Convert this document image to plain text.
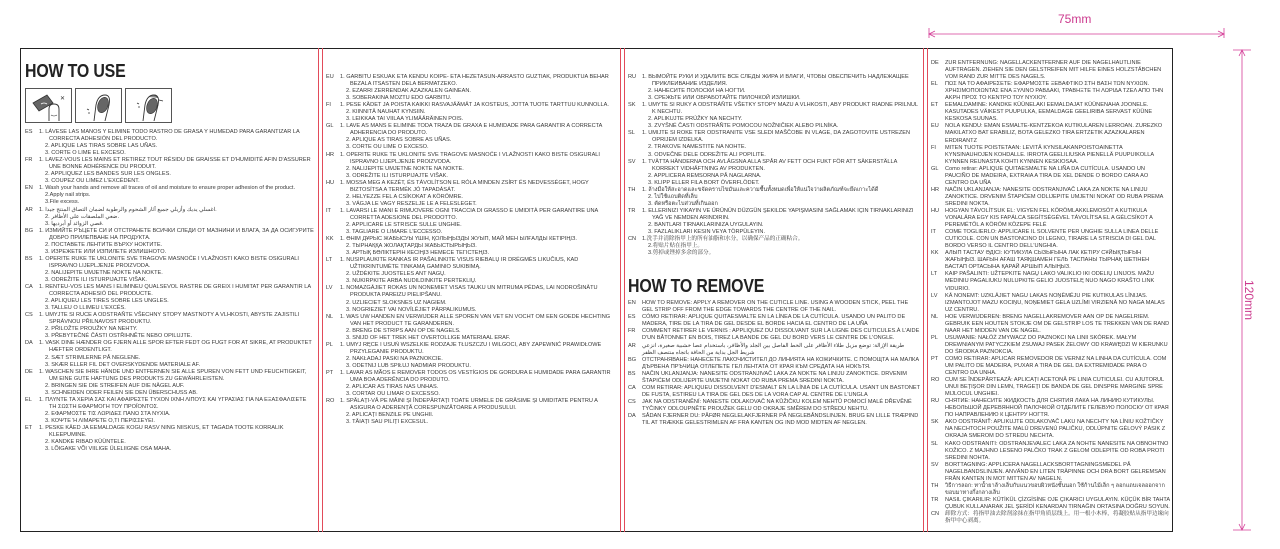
75mm
120mm
HOW TO USE
✕
ES	1. LÁVESE LAS MANOS Y ELIMINE TODO RASTRO DE GRASA Y HUMEDAD PARA GARANTIZAR LA CORRECTA ADHESIÓN DEL PRODUCTO.
2. APLIQUE LAS TIRAS SOBRE LAS UÑAS.
3. CORTE O LIME EL EXCESO.
FR	1. LAVEZ-VOUS LES MAINS ET RETIREZ TOUT RÉSIDU DE GRAISSE ET D'HUMIDITÉ AFIN D'ASSURER UNE BONNE ADHÉRENCE DU PRODUIT.
2. APPLIQUEZ LES BANDES SUR LES ONGLES.
3. COUPEZ OU LIMEZ L'EXCÉDENT.
EN	1. Wash your hands and remove all traces of oil and moisture to ensure proper adhesion of the product.
2.Apply nail strips.
3.File excess.
AR	1. اغسلي يديك وأزيلي جميع آثار الشحوم والرطوبة لضمان التصاق المنتج جيدا.
2. ضعي الملصقات على الأظافر.
3. قصي الزوائد أو أبرديها.
BG	1. ИЗМИЙТЕ РЪЦЕТЕ СИ И ОТСТРАНЕТЕ ВСИЧКИ СЛЕДИ ОТ МАЗНИНИ И ВЛАГА, ЗА ДА ОСИГУРИТЕ ДОБРО ПРИЛЕПВАНЕ НА ПРОДУКТА.
2. ПОСТАВЕТЕ ЛЕНТИТЕ ВЪРХУ НОКТИТЕ.
3. ИЗРЕЖЕТЕ ИЛИ ИЗПИЛЕТЕ ИЗЛИШНОТО.
BS	1. OPERITE RUKE TE UKLONITE SVE TRAGOVE MASNOĆE I VLAŽNOSTI KAKO BISTE OSIGURALI ISPRAVNO LIJEPLJENJE PROIZVODA.
2. NALIJEPITE UMJETNE NOKTE NA NOKTE.
3. ODREŽITE ILI ISTURPIJAJTE VIŠAK.
CA	1. RENTEU-VOS LES MANS I ELIMINEU QUALSEVOL RASTRE DE GREIX I HUMITAT PER GARANTIR LA CORRECTA ADHESIÓ DEL PRODUCTE.
2. APLIQUEU LES TIRES SOBRE LES UNGLES.
3. TALLEU O LLIMEU L'EXCÉS.
CS	1. UMYJTE SI RUCE A ODSTRAŇTE VŠECHNY STOPY MASTNOTY A VLHKOSTI, ABYSTE ZAJISTILI SPRÁVNOU PŘILNAVOST PRODUKTU.
2. PŘILOŽTE PROUŽKY NA NEHTY.
3. PŘEBYTEČNÉ ČÁSTI OSTŘIHNĚTE NEBO OPILUJTE.
DA	1. VASK DINE HÆNDER OG FJERN ALLE SPOR EFTER FEDT OG FUGT FOR AT SIKRE, AT PRODUKTET HÆFTER ORDENTLIGT.
2. SÆT STRIMLERNE PÅ NEGLENE.
3. SKÆR ELLER FIL DET OVERSKYDENDE MATERIALE AF.
DE	1. WASCHEN SIE IHRE HÄNDE UND ENTFERNEN SIE ALLE SPUREN VON FETT UND FEUCHTIGKEIT, UM EINE GUTE HAFTUNG DES PRODUKTS ZU GEWÄHRLEISTEN.
2. BRINGEN SIE DIE STREIFEN AUF DIE NÄGEL AUF.
3. SCHNEIDEN ODER FEILEN SIE DEN ÜBERSCHUSS AB.
EL	1. ΠΛΥΝΤΕ ΤΑ ΧΕΡΙΑ ΣΑΣ ΚΑΙ ΑΦΑΙΡΕΣΤΕ ΤΥΧΟΝ ΙΧΝΗ ΛΙΠΟΥΣ ΚΑΙ ΥΓΡΑΣΙΑΣ ΓΙΑ ΝΑ ΕΞΑΣΦΑΛΙΣΕΤΕ ΤΗ ΣΩΣΤΗ ΕΦΑΡΜΟΓΗ ΤΟΥ ΠΡΟΪΟΝΤΟΣ.
2. ΕΦΑΡΜΟΣΤΕ ΤΙΣ ΛΩΡΙΔΕΣ ΠΑΝΩ ΣΤΑ ΝΥΧΙΑ.
3. ΚΟΨΤΕ Ή ΛΙΜΑΡΕΤΕ Ο,ΤΙ ΠΕΡΙΣΣΕΥΕΙ.
ET	1. PESKE KÄED JA EEMALDAGE KOGU RASV NING NIISKUS, ET TAGADA TOOTE KORRALIK KLEEPUMINE.
2. KANDKE RIBAD KÜÜNTELE.
3. LÕIGAKE VÕI VIILIGE ÜLELIIGNE OSA MAHA.
EU	1. GARBITU ESKUAK ETA KENDU KOIPE- ETA HEZETASUN-ARRASTO GUZTIAK, PRODUKTUA BEHAR BEZALA ITSASTEN DELA BERMATZEKO.
2. EZARRI ZERRENDAK AZAZKALEN GAINEAN.
3. SOBERAKINA MOZTU EDO GARBITU.
FI	1. PESE KÄDET JA POISTA KAIKKI RASVAJÄÄMÄT JA KOSTEUS, JOTTA TUOTE TARTTUU KUNNOLLA.
2. KIINNITÄ NAUHAT KYNSIIN.
3. LEIKKAA TAI VIILAA YLIMÄÄRÄINEN POIS.
GL	1. LAVE AS MANS E ELIMINE TODA TRAZA DE GRAXA E HUMIDADE PARA GARANTIR A CORRECTA ADHERENCIA DO PRODUTO.
2. APLIQUE AS TIRAS SOBRE AS UÑAS.
3. CORTE OU LIME O EXCESO.
HR	1. OPERITE RUKE TE UKLONITE SVE TRAGOVE MASNOĆE I VLAŽNOSTI KAKO BISTE OSIGURALI ISPRAVNO LIJEPLJENJE PROIZVODA.
2. NALIJEPITE UMJETNE NOKTE NA NOKTE.
3. ODREŽITE ILI ISTURPIJAJTE VIŠAK.
HU	1. MOSSA MEG A KEZÉT, ÉS TÁVOLÍTSON EL RÓLA MINDEN ZSÍRT ÉS NEDVESSÉGET, HOGY BIZTOSÍTSA A TERMÉK JÓ TAPADÁSÁT.
2. HELYEZZE FEL A CSÍKOKAT A KÖRÖMRE.
3. VÁGJA LE VAGY RESZELJE LE A FELESLEGET.
IT	1. LAVARSI LE MANI E RIMUOVERE OGNI TRACCIA DI GRASSO E UMIDITÀ PER GARANTIRE UNA CORRETTA ADESIONE DEL PRODOTTO.
2. APPLICARE LE STRISCE SULLE UNGHIE.
3. TAGLIARE O LIMARE L'ECCESSO.
KK	1. ӨНІМ ДҰРЫС ЖАБЫСУЫ ҮШІН, ҚОЛЫҢЫЗДЫ ЖУЫП, МАЙ МЕН ЫЛҒАЛДЫ КЕТІРІҢІЗ.
2. ТЫРНАҚҚА ЖОЛАҚТАРДЫ ЖАБЫСТЫРЫҢЫЗ.
3. АРТЫҚ БӨЛІКТЕРІН КЕСІҢІЗ НЕМЕСЕ ТЕГІСТЕҢІЗ.
LT	1. NUSIPLAUKITE RANKAS IR PAŠALINKITE VISUS RIEBALŲ IR DRĖGMĖS LIKUČIUS, KAD UŽTIKRINTUMĖTE TINKAMĄ GAMINIO SUKIBIMĄ.
2. UŽDĖKITE JUOSTELES ANT NAGŲ.
3. NUKIRPKITE ARBA NUDILDINKITE PERTEKLIŲ.
LV	1. NOMAZGĀJIET ROKAS UN NONEMIET VISAS TAUKU UN MITRUMA PĒDAS, LAI NODROŠINĀTU PRODUKTA PAREIZU PIELIPŠANU.
2. UZLIECIET SLOKSNES UZ NAGIEM.
3. NOGRIEZIET VAI NOVĪLĒJIET PĀRPALIKUMUS.
NL	1. WAS UW HANDEN EN VERWIJDER ALLE SPOREN VAN VET EN VOCHT OM EEN GOEDE HECHTING VAN HET PRODUCT TE GARANDEREN.
2. BRENG DE STRIPS AAN OP DE NAGELS.
3. SNIJD OF HET TREK HET OVERTOLLIGE MATERIAAL ERAF.
PL	1. UMYJ RĘCE I USUŃ WSZELKIE RODZAJE TŁUSZCZU I WILGOCI, ABY ZAPEWNIĆ PRAWIDŁOWE PRZYLEGANIE PRODUKTU.
2. NAKŁADAJ PASKI NA PAZNOKCIE.
3. ODETNIJ LUB SPIŁUJ NADMIAR PRODUKTU.
PT	1. LAVAR AS MÃOS E REMOVER TODOS OS VESTÍGIOS DE GORDURA E HUMIDADE PARA GARANTIR UMA BOA ADERÊNCIA DO PRODUTO.
2. APLICAR AS TIRAS NAS UNHAS.
3. CORTAR OU LIMAR O EXCESSO.
RO	1. SPĂLAȚI-VĂ PE MÂINI ȘI ÎNDEPĂRTAȚI TOATE URMELE DE GRĂSIME ȘI UMIDITATE PENTRU A ASIGURA O ADERENȚĂ CORESPUNZĂTOARE A PRODUSULUI.
2. APLICAȚI BENZILE PE UNGHII.
3. TĂIAȚI SAU PILIȚI EXCESUL.
RU	1. ВЫМОЙТЕ РУКИ И УДАЛИТЕ ВСЕ СЛЕДЫ ЖИРА И ВЛАГИ, ЧТОБЫ ОБЕСПЕЧИТЬ НАДЛЕЖАЩЕЕ ПРИКЛЕИВАНИЕ ИЗДЕЛИЯ.
2. НАНЕСИТЕ ПОЛОСКИ НА НОГТИ.
3. СРЕЖЬТЕ ИЛИ ОБРАБОТАЙТЕ ПИЛОЧКОЙ ИЗЛИШКИ.
SK	1. UMYTE SI RUKY A ODSTRÁŇTE VŠETKY STOPY MAZU A VLHKOSTI, ABY PRODUKT RIADNE PRILNUL K NECHTU.
2. APLIKUJTE PRÚŽKY NA NECHTY.
3. ZVYŠNÉ ČASTI ODSTRÁŇTE POMOCOU NOŽNIČIEK ALEBO PILNÍKA.
SL	1. UMIJTE SI ROKE TER ODSTRANITE VSE SLEDI MAŠČOBE IN VLAGE, DA ZAGOTOVITE USTREZEN OPRIJEM IZDELKA.
2. TRAKOVE NAMESTITE NA NOHTE.
3. ODVEČNE DELE ODREŽITE ALI POPILITE.
SV	1. TVÄTTA HÄNDERNA OCH AVLÄGSNA ALLA SPÅR AV FETT OCH FUKT FÖR ATT SÄKERSTÄLLA KORREKT VIDHÄFTNING AV PRODUKTEN.
2. APPLICERA REMSORNA PÅ NAGLARNA.
3. KLIPP ELLER FILA BORT ÖVERFLÖDET.
TH	1. ล้างมือให้สะอาดและขจัดคราบไขมันและความชื้นทั้งหมดเพื่อให้แน่ใจว่าผลิตภัณฑ์จะยึดเกาะได้ดี
2. ไปใช้แถบติดที่เล็บ
3. ตัดหรือตะไบส่วนที่เกินออก
TR	1. ELLERINIZI YIKAYIN VE ÜRÜNÜN DÜZGÜN ŞEKILDE YAPIŞMASINI SAĞLAMAK IÇIN TIRNAKLARINIZI YAĞ VE NEMDEN ARINDIRIN.
2. BANTLARI TIRNAKLARINIZA UYGULAYIN.
3. FAZLALIKLARI KESIN VEYA TÖRPÜLEYIN.
CN	1.洗手并清除指甲上的所有油脂和水分，以确保产品的正确粘合。
2.将贴片贴在指甲上。
3.剪掉或锉掉多余的部分。
HOW TO REMOVE
EN	HOW TO REMOVE: APPLY A REMOVER ON THE CUTICLE LINE. USING A WOODEN STICK, PEEL THE GEL STRIP OFF FROM THE EDGE TOWARDS THE CENTRE OF THE NAIL.
ES	CÓMO RETIRAR: APLIQUE QUITAESMALTE EN LA LÍNEA DE LA CUTÍCULA. USANDO UN PALITO DE MADERA, TIRE DE LA TIRA DE GEL DESDE EL BORDE HACIA EL CENTRO DE LA UÑA
FR	COMMENT RETIRER LE VERNIS : APPLIQUEZ DU DISSOLVANT SUR LA LIGNE DES CUTICULES.À L'AIDE D'UN BÂTONNET EN BOIS, TIREZ LA BANDE DE GEL DU BORD VERS LE CENTRE DE L'ONGLE.
AR	طريقة الإزالة: توضع مزيل طلاء الأظافر على الخط الفاصل بين الجلد والأظافر، باستخدام عصا خشبية صغيرة، انزعي شريط الجل بداية من الحافة باتجاه منتصف الظفر
BG	ОТСТРАНЯВАНЕ: НАНЕСЕТЕ ЛАКОЧИСТИТЕЛ ДО ЛИНИЯТА НА КОЖИЧКИТЕ. С ПОМОЩТА НА МАЛКА ДЪРВЕНА ПРЪЧИЦА ОТЛЕПЕТЕ ГЕЛ ЛЕНТАТА ОТ КРАЯ КЪМ СРЕДАТА НА НОКЪТЯ.
BS	NAČIN UKLANJANJA: NANESITE ODSTRANJIVAČ LAKA ZA NOKTE NA LINIJU ZANOKTICE. DRVENIM ŠTAPIĆEM ODLIJEPITE UMJETNI NOKAT OD RUBA PREMA SREDINI NOKTA.
CA	COM RETIRAR: APLIQUEU DISSOLVENT D'ESMALT EN LA LÍNIA DE LA CUTÍCULA. USANT UN BASTONET DE FUSTA, ESTIREU LA TIRA DE GEL DES DE LA VORA CAP AL CENTRE DE L'UNGLA
CS	JAK NA ODSTRANĚNÍ: NANESTE ODLAKOVAČ NA KŮŽIČKU KOLEM NEHTŮ POMOCÍ MALÉ DŘEVĚNÉ TYČINKY ODLOUPNĚTE PROUŽEK GELU OD OKRAJE SMĚREM DO STŘEDU NEHTU.
DA	SÅDAN FJERNER DU: PÅFØR NEGLELAKFJERNER PÅ NEGLEBÅNDSLINJEN. BRUG EN LILLE TRÆPIND TIL AT TRÆKKE GELESTRIMLEN AF FRA KANTEN OG IND MOD MIDTEN AF NEGLEN.
DE	ZUR ENTFERNUNG: NAGELLACKENTFERNER AUF DIE NAGELHAUTLINIE AUFTRAGEN. ZIEHEN SIE DEN GELSTREIFEN MIT HILFE EINES HOLZSTÄBCHEN VOM RAND ZUR MITTE DES NAGELS.
EL	ΠΩΣ ΝΑ ΤΟ ΑΦΑΙΡΕΣΕΤΕ: ΕΦΑΡΜΟΣΤΕ ΞΕΒΑΦΤΙΚΟ ΣΤΗ ΒΑΣΗ ΤΩΝ ΝΥΧΙΩΝ. ΧΡΗΣΙΜΟΠΟΙΩΝΤΑΣ ΕΝΑ ΞΥΛΙΝΟ ΡΑΒΔΑΚΙ, ΤΡΑΒΗΞΤΕ ΤΗ ΛΩΡΙΔΑ ΤΖΕΛ ΑΠΟ ΤΗΝ ΑΚΡΗ ΠΡΟΣ ΤΟ ΚΕΝΤΡΟ ΤΟΥ ΝΥΧΙΟΥ.
ET	EEMALDAMINE: KANDKE KÜÜNELAKI EEMALDAJAT KÜÜNENAHA JOONELE. KASUTADES VÄIKEST PUUPULKA, EEMALDAGE GEELIRIBA SERVAST KÜÜNE KESKOSA SUUNAS.
EU	NOLA KENDU: EMAN ESMALTE-KENTZEKOA KUTIKULAREN LERROAN. ZUREZKO MAKILATXO BAT ERABILIZ, BOTA GELEZKO TIRA ERTZETIK AZAZKALAREN ERDIRANTZ
FI	MITEN TUOTE POISTETAAN: LEVITÄ KYNSILAKANPOISTOAINETTA KYNSINAUHOJEN KOHDALLE. IRROTA GEELILIUSKA PIENELLÄ PUUPUIKOLLA KYNNEN REUNASTA KOHTI KYNNEN KESKIOSAA.
GL	Como retirar: APLIQUE QUITAESMALTE NA LIÑA DA CUTÍCULA. USANDO UN PAUCIÑO DE MADEIRA, EXTRAIA A TIRA DE XEL DENDE O BORDO CARA AO CENTRO DA UÑA
HR	NAČIN UKLANJANJA: NANESITE ODSTRANJIVAČ LAKA ZA NOKTE NA LINIJU ZANOKTICE. DRVENIM ŠTAPIĆEM ODLIJEPITE UMJETNI NOKAT OD RUBA PREMA SREDINI NOKTA.
HU	HOGYAN TÁVOLÍTSUK EL: VIGYEN FEL KÖRÖMLAKKLEMOSÓT A KUTIKULA VONALÁRA EGY KIS FAPÁLCA SEGÍTSÉGÉVEL TÁVOLÍTSA EL A GÉLCSÍKOT A PEREMÉTŐL A KÖRÖM KÖZEPE FELÉ
IT	COME TOGLIERLO: APPLICARE IL SOLVENTE PER UNGHIE SULLA LINEA DELLE CUTICOLE. CON UN BASTONCINO DI LEGNO, TIRARE LA STRISCIA DI GEL DAL BORDO VERSO IL CENTRO DELL'UNGHIA.
KK	АЛЫП ТАСТАУ ӘДІСІ: КУТИКУЛА СЫЗЫҒЫНА ЛАК КЕТІРУ СҰЙЫҚТЫҒЫН ЖАҒЫҢЫЗ. ШАҒЫН АҒАШ ТАЯҚШАМЕН ГЕЛЬ ТАСПАНЫ ТЫРНАҚ ШЕТІНЕН БАСТАП ОРТАСЫНА ҚАРАЙ АРШЫП АЛЫҢЫЗ.
LT	KAIP PAŠALINTI: UŽTEPKITE NAGŲ LAKO VALIKLIO IKI ODELIŲ LINIJOS. MAŽU MEDINIU PAGALIUKU NULUPKITE GELIO JUOSTELĘ NUO NAGO KRAŠTO LINK VIDURIO.
LV	KĀ NONEMT: UZKLĀJIET NAGU LAKAS NOŅĒMĒJU PIE KUTIKULAS LĪNIJAS. IZMANTOJOT MAZU KOCIŅU, NOŅEMIET GELA UZLĪMI VIRZIENĀ NO NAGA MALAS UZ CENTRU.
NL	HOE VERWIJDEREN: BRENG NAGELLAKREMOVER AAN OP DE NAGELRIEM. GEBRUIK EEN HOUTEN STOKJE OM DE GELSTRIP LOS TE TREKKEN VAN DE RAND NAAR HET MIDDEN VAN DE NAGEL.
PL	USUWANIE: NAŁÓŻ ZMYWACZ DO PAZNOKCI NA LINII SKÓREK. MAŁYM DREWNIANYM PATYCZKIEM ZSUWAJ PASEK ŻELOWY OD KRAWĘDZI W KIERUNKU DO ŚRODKA PAZNOKCIA.
PT	COMO RETIRAR: APLICAR REMOVEDOR DE VERNIZ NA LINHA DA CUTÍCULA. COM UM PALITO DE MADEIRA, PUXAR A TIRA DE GEL DA EXTREMIDADE PARA O CENTRO DA UNHA.
RO	CUM SE ÎNDEPĂRTEAZĂ: APLICAȚI ACETONĂ PE LINIA CUTICULEI. CU AJUTORUL UNUI BEȚIȘOR DIN LEMN, TRAGEȚI DE BANDA DE GEL DINSPRE MARGINE SPRE MIJLOCUL UNGHIEI.
RU	СНЯТИЕ: НАНЕСИТЕ ЖИДКОСТЬ ДЛЯ СНЯТИЯ ЛАКА НА ЛИНИЮ КУТИКУЛЫ. НЕБОЛЬШОЙ ДЕРЕВЯННОЙ ПАЛОЧКОЙ ОТДЕЛИТЕ ГЕЛЕВУЮ ПОЛОСКУ ОТ КРАЯ ПО НАПРАВЛЕНИЮ К ЦЕНТРУ НОГТЯ.
SK	AKO ODSTRÁNIŤ: APLIKUJTE ODLAKOVAČ LAKU NA NECHTY NA LÍNIU KOŽTIČKY NA NECHTOCH POUŽITE MALÚ DREVENÚ PALIČKU, ODLÚPNITE GÉLOVÝ PÁSIK Z OKRAJA SMEROM DO STREDU NECHTA.
SL	KAKO ODSTRANITI: ODSTRANJEVALEC LAKA ZA NOHTE NANESITE NA OBNOHTNO KOŽICO. Z MAJHNO LESENO PALČKO TRAK Z GELOM ODLEPITE OD ROBA PROTI SREDINI NOHTA.
SV	BORTTAGNING: APPLICERA NAGELLACKSBORTTAGNINGSMEDEL PÅ NAGELBANDSLINJEN. ANVÄND EN LITEN TRÄPINNE OCH DRA BORT GELREMSAN FRÅN KANTEN IN MOT MITTEN AV NAGELN.
TH	วิธีการลอก: ทาน้ำยาล้างเล็บกับแนวขอบผิวหนังชั้นนอก ใช้ก้านไม้เล็ก ๆ ลอกแถบเจลออกจากขอบมาทางกึ่งกลางเล็บ
TR	NASIL ÇIKARILIR: KÜTİKÜL ÇİZGİSİNE OJE ÇIKARICI UYGULAYIN. KÜÇÜK BİR TAHTA ÇUBUK KULLANARAK JEL ŞERİDİ KENARDAN TIRNAĞIN ORTASINA DOĞRU SOYUN.
CN	卸除方式：将指甲油去除剂涂抹在指甲角质层线上。用一根小木棒，将凝胶贴从指甲边缘向指甲中心剥离。
